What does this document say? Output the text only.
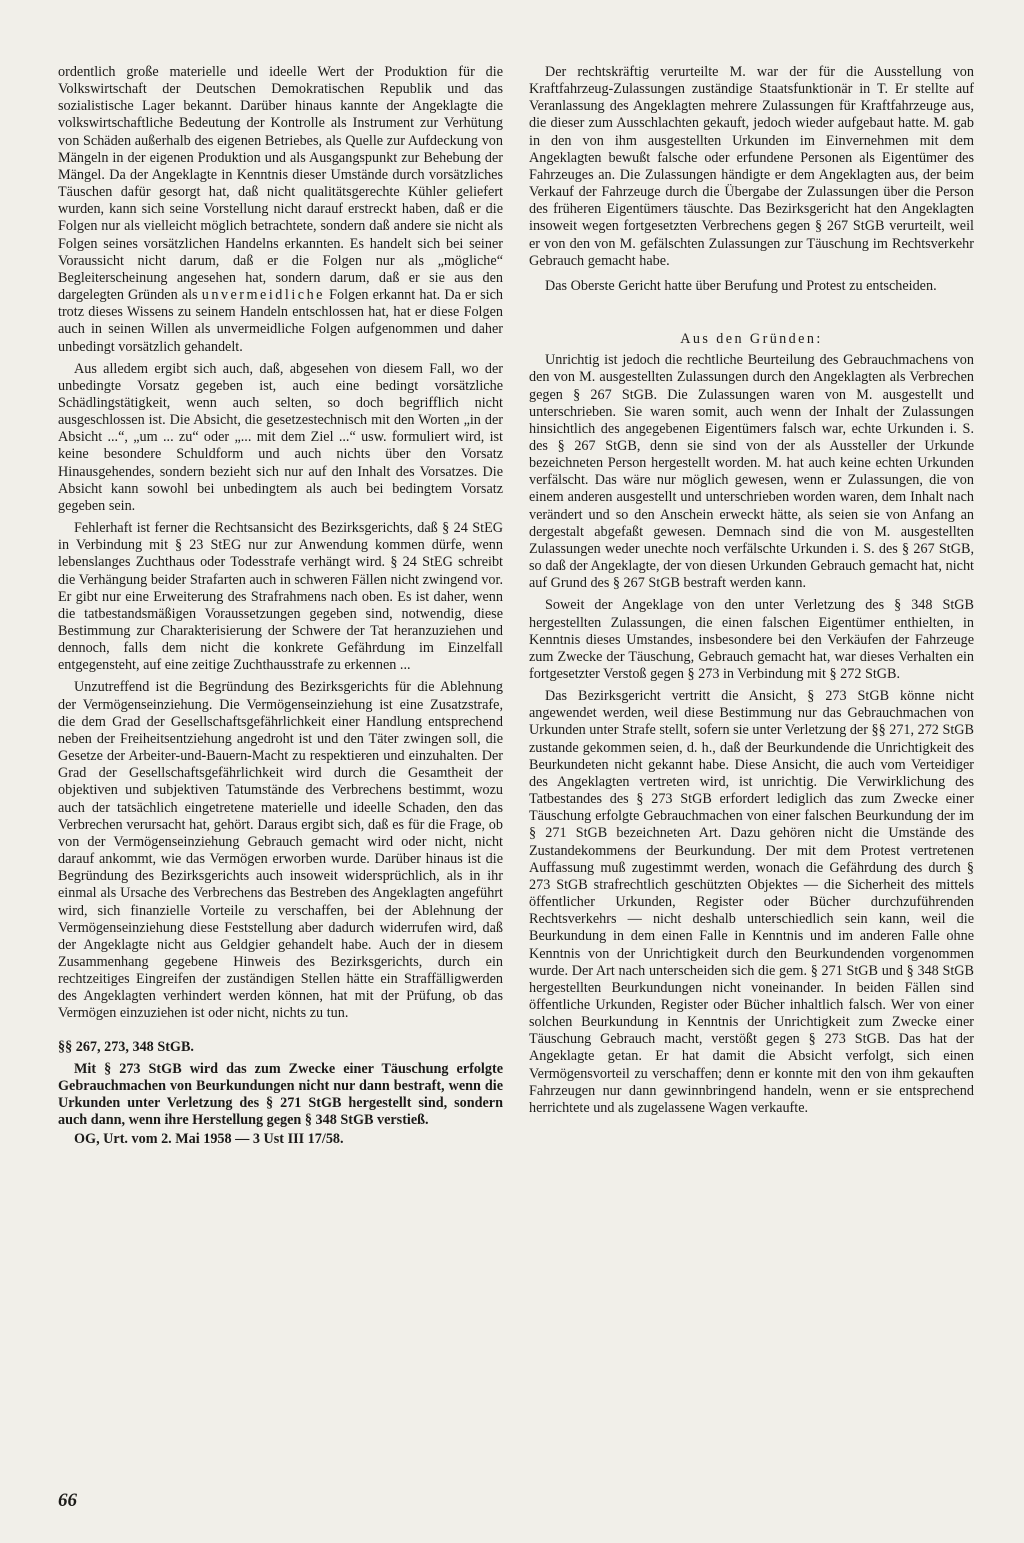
ordentlich große materielle und ideelle Wert der Produktion für die Volkswirtschaft der Deutschen Demokratischen Republik und das sozialistische Lager bekannt. Darüber hinaus kannte der Angeklagte die volkswirtschaftliche Bedeutung der Kontrolle als Instrument zur Verhütung von Schäden außerhalb des eigenen Betriebes, als Quelle zur Aufdeckung von Mängeln in der eigenen Produktion und als Ausgangspunkt zur Behebung der Mängel. Da der Angeklagte in Kenntnis dieser Umstände durch vorsätzliches Täuschen dafür gesorgt hat, daß nicht qualitätsgerechte Kühler geliefert wurden, kann sich seine Vorstellung nicht darauf erstreckt haben, daß er die Folgen nur als vielleicht möglich betrachtete, sondern daß andere sie nicht als Folgen seines vorsätzlichen Handelns erkannten. Es handelt sich bei seiner Voraussicht nicht darum, daß er die Folgen nur als „mögliche“ Begleiterscheinung angesehen hat, sondern darum, daß er sie aus den dargelegten Gründen als unvermeidliche Folgen erkannt hat. Da er sich trotz dieses Wissens zu seinem Handeln entschlossen hat, hat er diese Folgen auch in seinen Willen als unvermeidliche Folgen aufgenommen und daher unbedingt vorsätzlich gehandelt.

Aus alledem ergibt sich auch, daß, abgesehen von diesem Fall, wo der unbedingte Vorsatz gegeben ist, auch eine bedingt vorsätzliche Schädlingstätigkeit, wenn auch selten, so doch begrifflich nicht ausgeschlossen ist. Die Absicht, die gesetzestechnisch mit den Worten „in der Absicht ...“, „um ... zu“ oder „... mit dem Ziel ...“ usw. formuliert wird, ist keine besondere Schuldform und auch nichts über den Vorsatz Hinausgehendes, sondern bezieht sich nur auf den Inhalt des Vorsatzes. Die Absicht kann sowohl bei unbedingtem als auch bei bedingtem Vorsatz gegeben sein.

Fehlerhaft ist ferner die Rechtsansicht des Bezirksgerichts, daß § 24 StEG in Verbindung mit § 23 StEG nur zur Anwendung kommen dürfe, wenn lebenslanges Zuchthaus oder Todesstrafe verhängt wird. § 24 StEG schreibt die Verhängung beider Strafarten auch in schweren Fällen nicht zwingend vor. Er gibt nur eine Erweiterung des Strafrahmens nach oben. Es ist daher, wenn die tatbestandsmäßigen Voraussetzungen gegeben sind, notwendig, diese Bestimmung zur Charakterisierung der Schwere der Tat heranzuziehen und dennoch, falls dem nicht die konkrete Gefährdung im Einzelfall entgegensteht, auf eine zeitige Zuchthausstrafe zu erkennen ...

Unzutreffend ist die Begründung des Bezirksgerichts für die Ablehnung der Vermögenseinziehung. Die Vermögenseinziehung ist eine Zusatzstrafe, die dem Grad der Gesellschaftsgefährlichkeit einer Handlung entsprechend neben der Freiheitsentziehung angedroht ist und den Täter zwingen soll, die Gesetze der Arbeiter-und-Bauern-Macht zu respektieren und einzuhalten. Der Grad der Gesellschaftsgefährlichkeit wird durch die Gesamtheit der objektiven und subjektiven Tatumstände des Verbrechens bestimmt, wozu auch der tatsächlich eingetretene materielle und ideelle Schaden, den das Verbrechen verursacht hat, gehört. Daraus ergibt sich, daß es für die Frage, ob von der Vermögenseinziehung Gebrauch gemacht wird oder nicht, nicht darauf ankommt, wie das Vermögen erworben wurde. Darüber hinaus ist die Begründung des Bezirksgerichts auch insoweit widersprüchlich, als in ihr einmal als Ursache des Verbrechens das Bestreben des Angeklagten angeführt wird, sich finanzielle Vorteile zu verschaffen, bei der Ablehnung der Vermögenseinziehung diese Feststellung aber dadurch widerrufen wird, daß der Angeklagte nicht aus Geldgier gehandelt habe. Auch der in diesem Zusammenhang gegebene Hinweis des Bezirksgerichts, durch ein rechtzeitiges Eingreifen der zuständigen Stellen hätte ein Straffälligwerden des Angeklagten verhindert werden können, hat mit der Prüfung, ob das Vermögen einzuziehen ist oder nicht, nichts zu tun.

§§ 267, 273, 348 StGB.

Mit § 273 StGB wird das zum Zwecke einer Täuschung erfolgte Gebrauchmachen von Beurkundungen nicht nur dann bestraft, wenn die Urkunden unter Verletzung des § 271 StGB hergestellt sind, sondern auch dann, wenn ihre Herstellung gegen § 348 StGB verstieß.

OG, Urt. vom 2. Mai 1958 — 3 Ust III 17/58.

Der rechtskräftig verurteilte M. war der für die Ausstellung von Kraftfahrzeug-Zulassungen zuständige Staatsfunktionär in T. Er stellte auf Veranlassung des Angeklagten mehrere Zulassungen für Kraftfahrzeuge aus, die dieser zum Ausschlachten gekauft, jedoch wieder aufgebaut hatte. M. gab in den von ihm ausgestellten Urkunden im Einvernehmen mit dem Angeklagten bewußt falsche oder erfundene Personen als Eigentümer des Fahrzeuges an. Die Zulassungen händigte er dem Angeklagten aus, der beim Verkauf der Fahrzeuge durch die Übergabe der Zulassungen über die Person des früheren Eigentümers täuschte. Das Bezirksgericht hat den Angeklagten insoweit wegen fortgesetzten Verbrechens gegen § 267 StGB verurteilt, weil er von den von M. gefälschten Zulassungen zur Täuschung im Rechtsverkehr Gebrauch gemacht habe.

Das Oberste Gericht hatte über Berufung und Protest zu entscheiden.

Aus den Gründen:

Unrichtig ist jedoch die rechtliche Beurteilung des Gebrauchmachens von den von M. ausgestellten Zulassungen durch den Angeklagten als Verbrechen gegen § 267 StGB. Die Zulassungen waren von M. ausgestellt und unterschrieben. Sie waren somit, auch wenn der Inhalt der Zulassungen hinsichtlich des angegebenen Eigentümers falsch war, echte Urkunden i. S. des § 267 StGB, denn sie sind von der als Aussteller der Urkunde bezeichneten Person hergestellt worden. M. hat auch keine echten Urkunden verfälscht. Das wäre nur möglich gewesen, wenn er Zulassungen, die von einem anderen ausgestellt und unterschrieben worden waren, dem Inhalt nach verändert und so den Anschein erweckt hätte, als seien sie von Anfang an dergestalt abgefaßt gewesen. Demnach sind die von M. ausgestellten Zulassungen weder unechte noch verfälschte Urkunden i. S. des § 267 StGB, so daß der Angeklagte, der von diesen Urkunden Gebrauch gemacht hat, nicht auf Grund des § 267 StGB bestraft werden kann.

Soweit der Angeklage von den unter Verletzung des § 348 StGB hergestellten Zulassungen, die einen falschen Eigentümer enthielten, in Kenntnis dieses Umstandes, insbesondere bei den Verkäufen der Fahrzeuge zum Zwecke der Täuschung, Gebrauch gemacht hat, war dieses Verhalten ein fortgesetzter Verstoß gegen § 273 in Verbindung mit § 272 StGB.

Das Bezirksgericht vertritt die Ansicht, § 273 StGB könne nicht angewendet werden, weil diese Bestimmung nur das Gebrauchmachen von Urkunden unter Strafe stellt, sofern sie unter Verletzung der §§ 271, 272 StGB zustande gekommen seien, d. h., daß der Beurkundende die Unrichtigkeit des Beurkundeten nicht gekannt habe. Diese Ansicht, die auch vom Verteidiger des Angeklagten vertreten wird, ist unrichtig. Die Verwirklichung des Tatbestandes des § 273 StGB erfordert lediglich das zum Zwecke einer Täuschung erfolgte Gebrauchmachen von einer falschen Beurkundung der im § 271 StGB bezeichneten Art. Dazu gehören nicht die Umstände des Zustandekommens der Beurkundung. Der mit dem Protest vertretenen Auffassung muß zugestimmt werden, wonach die Gefährdung des durch § 273 StGB strafrechtlich geschützten Objektes — die Sicherheit des mittels öffentlicher Urkunden, Register oder Bücher durchzuführenden Rechtsverkehrs — nicht deshalb unterschiedlich sein kann, weil die Beurkundung in dem einen Falle in Kenntnis und im anderen Falle ohne Kenntnis von der Unrichtigkeit durch den Beurkundenden vorgenommen wurde. Der Art nach unterscheiden sich die gem. § 271 StGB und § 348 StGB hergestellten Beurkundungen nicht voneinander. In beiden Fällen sind öffentliche Urkunden, Register oder Bücher inhaltlich falsch. Wer von einer solchen Beurkundung in Kenntnis der Unrichtigkeit zum Zwecke einer Täuschung Gebrauch macht, verstößt gegen § 273 StGB. Das hat der Angeklagte getan. Er hat damit die Absicht verfolgt, sich einen Vermögensvorteil zu verschaffen; denn er konnte mit den von ihm gekauften Fahrzeugen nur dann gewinnbringend handeln, wenn er sie entsprechend herrichtete und als zugelassene Wagen verkaufte.

66
